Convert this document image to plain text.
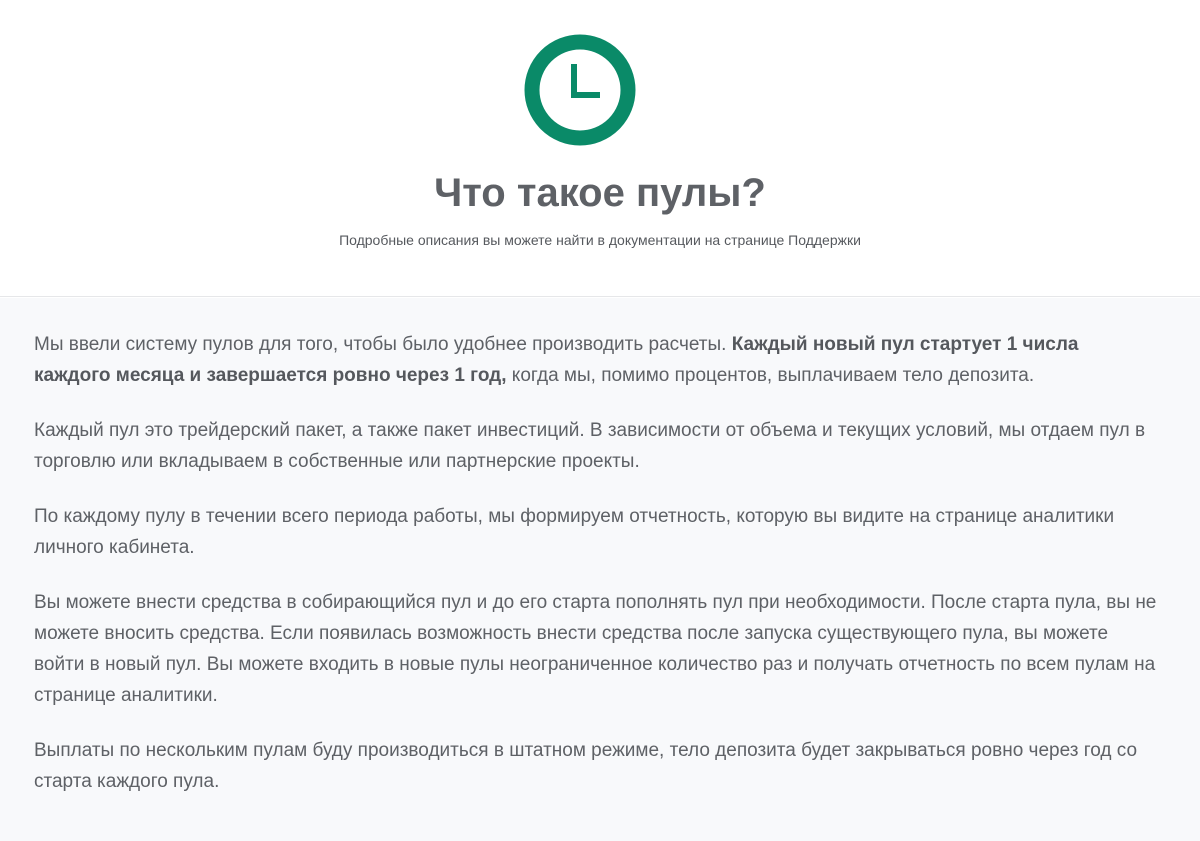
Что такое пулы?

Подробные описания вы можете найти в документации на странице Поддержки

Мы ввели систему пулов для того, чтобы было удобнее производить расчеты. Каждый новый пул стартует 1 числа каждого месяца и завершается ровно через 1 год, когда мы, помимо процентов, выплачиваем тело депозита.

Каждый пул это трейдерский пакет, а также пакет инвестиций. В зависимости от объема и текущих условий, мы отдаем пул в торговлю или вкладываем в собственные или партнерские проекты.

По каждому пулу в течении всего периода работы, мы формируем отчетность, которую вы видите на странице аналитики личного кабинета.

Вы можете внести средства в собирающийся пул и до его старта пополнять пул при необходимости. После старта пула, вы не можете вносить средства. Если появилась возможность внести средства после запуска существующего пула, вы можете войти в новый пул. Вы можете входить в новые пулы неограниченное количество раз и получать отчетность по всем пулам на странице аналитики.

Выплаты по нескольким пулам буду производиться в штатном режиме, тело депозита будет закрываться ровно через год со старта каждого пула.
